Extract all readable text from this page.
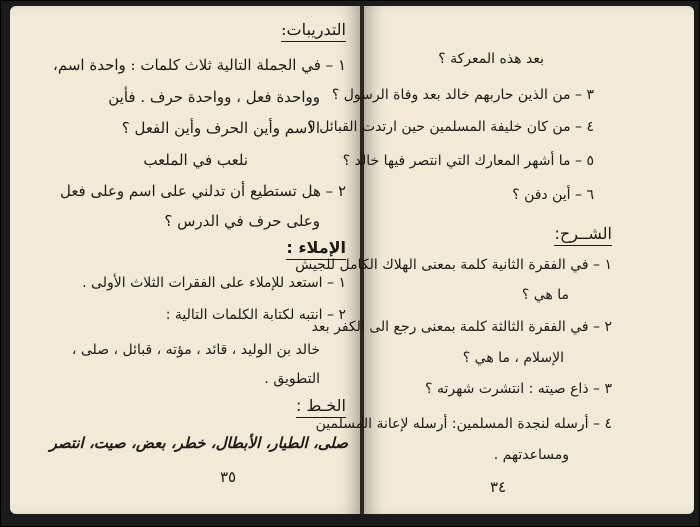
التدريبات:
١ – في الجملة التالية ثلاث كلمات : واحدة اسم،
وواحدة فعل ، وواحدة حرف . فأين
الاسم وأين الحرف وأين الفعل ؟
نلعب في الملعب
٢ – هل تستطيع أن تدلني على اسم وعلى فعل
وعلى حرف في الدرس ؟
الإملاء :
١ – استعد للإملاء على الفقرات الثلاث الأولى .
٢ – انتبه لكتابة الكلمات التالية :
خالد بن الوليد ، قائد ، مؤته ، قبائل ، صلى ،
التطويق .
الخـط :
صلى، الطيار، الأبطال، خطر، بعض، صيت، انتصر
٣٥
بعد هذه المعركة ؟
٣ – من الذين حاربهم خالد بعد وفاة الرسول ؟
٤ – من كان خليفة المسلمين حين ارتدت القبائل ؟
٥ – ما أشهر المعارك التي انتصر فيها خالد ؟
٦ – أين دفن ؟
الشــرح:
١ – في الفقرة الثانية كلمة بمعنى الهلاك الكامل للجيش
ما هي ؟
٢ – في الفقرة الثالثة كلمة بمعنى رجع الى الكفر بعد
الإسلام ، ما هي ؟
٣ – ذاع صيته : انتشرت شهرته ؟
٤ – أرسله لنجدة المسلمين: أرسله لإعانة المسلمين
ومساعدتهم .
٣٤
